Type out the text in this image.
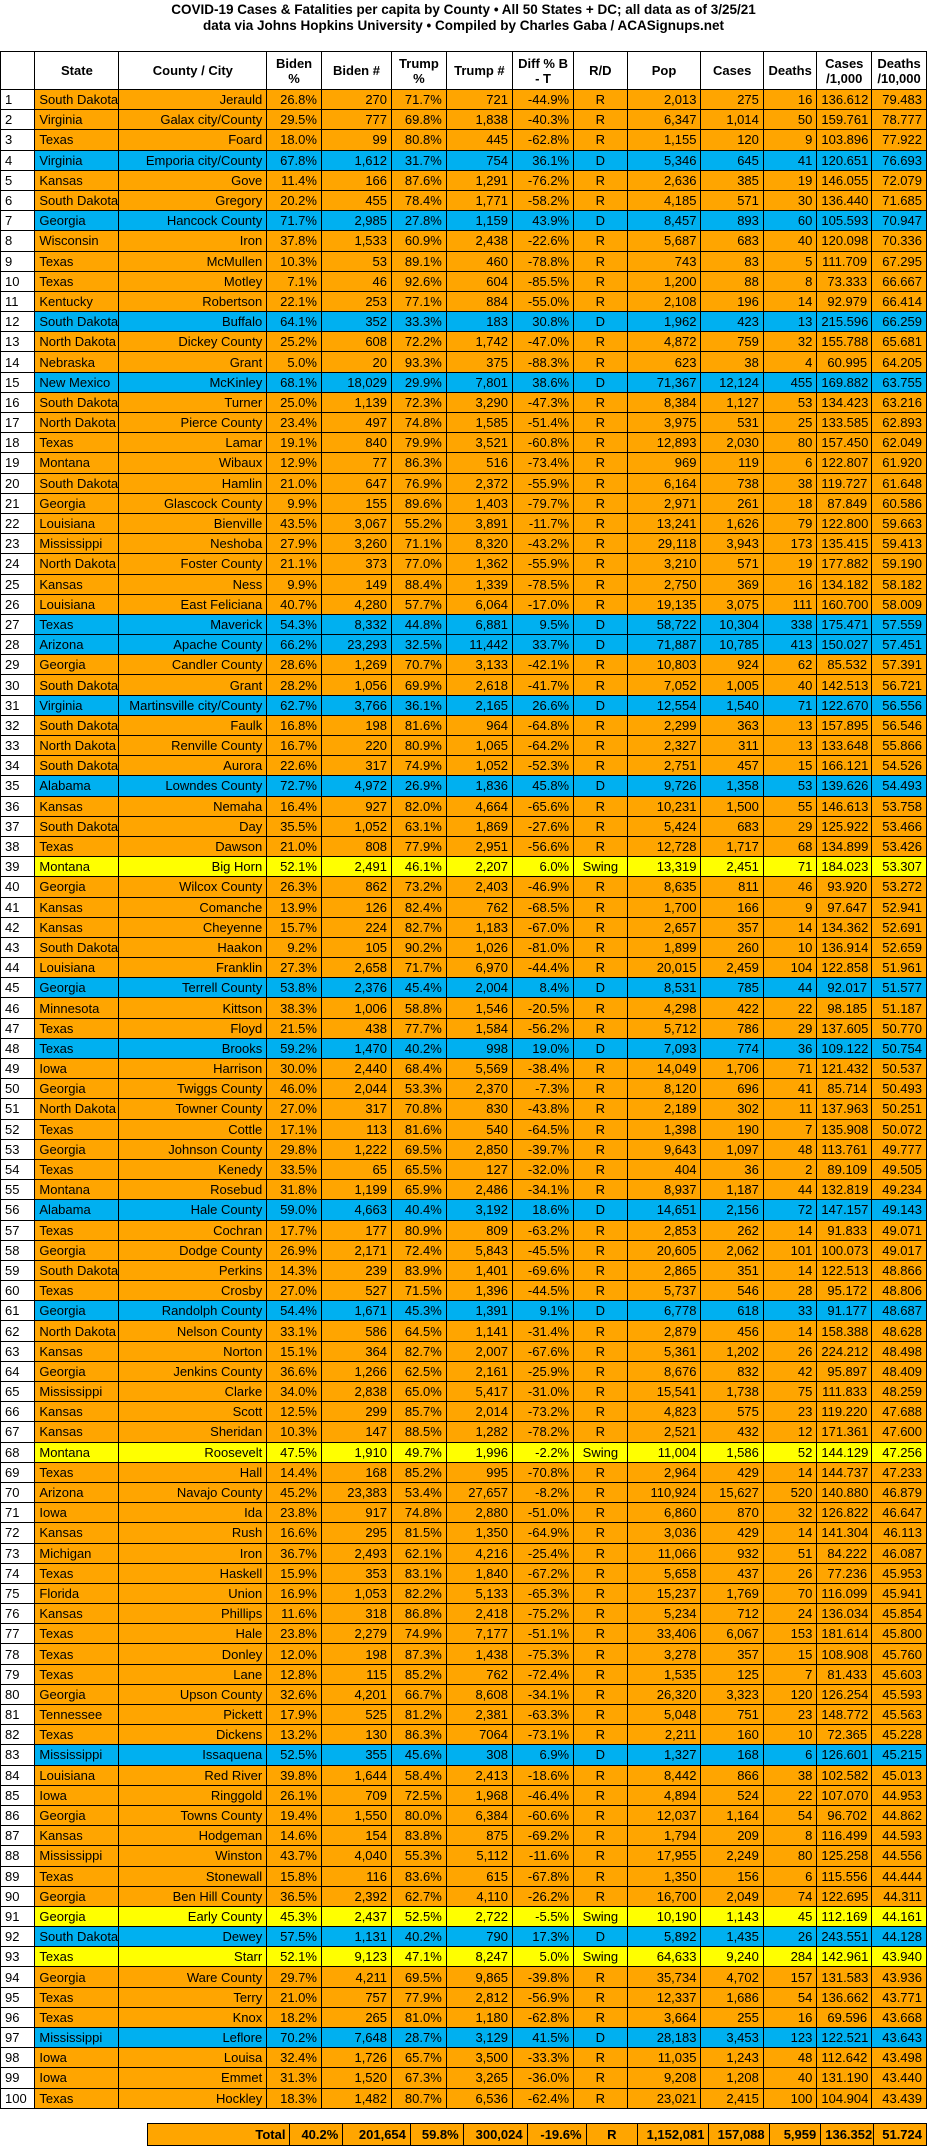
COVID-19 Cases & Fatalities per capita by County • All 50 States + DC; all data as of 3/25/21
data via Johns Hopkins University • Compiled by Charles Gaba / ACASignups.net
	State	County / City	Biden %	Biden #	Trump %	Trump #	Diff % B - T	R/D	Pop	Cases	Deaths	Cases /1,000	Deaths /10,000
1	South Dakota	Jerauld	26.8%	270	71.7%	721	-44.9%	R	2,013	275	16	136.612	79.483
2	Virginia	Galax city/County	29.5%	777	69.8%	1,838	-40.3%	R	6,347	1,014	50	159.761	78.777
3	Texas	Foard	18.0%	99	80.8%	445	-62.8%	R	1,155	120	9	103.896	77.922
4	Virginia	Emporia city/County	67.8%	1,612	31.7%	754	36.1%	D	5,346	645	41	120.651	76.693
5	Kansas	Gove	11.4%	166	87.6%	1,291	-76.2%	R	2,636	385	19	146.055	72.079
6	South Dakota	Gregory	20.2%	455	78.4%	1,771	-58.2%	R	4,185	571	30	136.440	71.685
7	Georgia	Hancock County	71.7%	2,985	27.8%	1,159	43.9%	D	8,457	893	60	105.593	70.947
8	Wisconsin	Iron	37.8%	1,533	60.9%	2,438	-22.6%	R	5,687	683	40	120.098	70.336
9	Texas	McMullen	10.3%	53	89.1%	460	-78.8%	R	743	83	5	111.709	67.295
10	Texas	Motley	7.1%	46	92.6%	604	-85.5%	R	1,200	88	8	73.333	66.667
11	Kentucky	Robertson	22.1%	253	77.1%	884	-55.0%	R	2,108	196	14	92.979	66.414
12	South Dakota	Buffalo	64.1%	352	33.3%	183	30.8%	D	1,962	423	13	215.596	66.259
13	North Dakota	Dickey County	25.2%	608	72.2%	1,742	-47.0%	R	4,872	759	32	155.788	65.681
14	Nebraska	Grant	5.0%	20	93.3%	375	-88.3%	R	623	38	4	60.995	64.205
15	New Mexico	McKinley	68.1%	18,029	29.9%	7,801	38.6%	D	71,367	12,124	455	169.882	63.755
16	South Dakota	Turner	25.0%	1,139	72.3%	3,290	-47.3%	R	8,384	1,127	53	134.423	63.216
17	North Dakota	Pierce County	23.4%	497	74.8%	1,585	-51.4%	R	3,975	531	25	133.585	62.893
18	Texas	Lamar	19.1%	840	79.9%	3,521	-60.8%	R	12,893	2,030	80	157.450	62.049
19	Montana	Wibaux	12.9%	77	86.3%	516	-73.4%	R	969	119	6	122.807	61.920
20	South Dakota	Hamlin	21.0%	647	76.9%	2,372	-55.9%	R	6,164	738	38	119.727	61.648
21	Georgia	Glascock County	9.9%	155	89.6%	1,403	-79.7%	R	2,971	261	18	87.849	60.586
22	Louisiana	Bienville	43.5%	3,067	55.2%	3,891	-11.7%	R	13,241	1,626	79	122.800	59.663
23	Mississippi	Neshoba	27.9%	3,260	71.1%	8,320	-43.2%	R	29,118	3,943	173	135.415	59.413
24	North Dakota	Foster County	21.1%	373	77.0%	1,362	-55.9%	R	3,210	571	19	177.882	59.190
25	Kansas	Ness	9.9%	149	88.4%	1,339	-78.5%	R	2,750	369	16	134.182	58.182
26	Louisiana	East Feliciana	40.7%	4,280	57.7%	6,064	-17.0%	R	19,135	3,075	111	160.700	58.009
27	Texas	Maverick	54.3%	8,332	44.8%	6,881	9.5%	D	58,722	10,304	338	175.471	57.559
28	Arizona	Apache County	66.2%	23,293	32.5%	11,442	33.7%	D	71,887	10,785	413	150.027	57.451
29	Georgia	Candler County	28.6%	1,269	70.7%	3,133	-42.1%	R	10,803	924	62	85.532	57.391
30	South Dakota	Grant	28.2%	1,056	69.9%	2,618	-41.7%	R	7,052	1,005	40	142.513	56.721
31	Virginia	Martinsville city/County	62.7%	3,766	36.1%	2,165	26.6%	D	12,554	1,540	71	122.670	56.556
32	South Dakota	Faulk	16.8%	198	81.6%	964	-64.8%	R	2,299	363	13	157.895	56.546
33	North Dakota	Renville County	16.7%	220	80.9%	1,065	-64.2%	R	2,327	311	13	133.648	55.866
34	South Dakota	Aurora	22.6%	317	74.9%	1,052	-52.3%	R	2,751	457	15	166.121	54.526
35	Alabama	Lowndes County	72.7%	4,972	26.9%	1,836	45.8%	D	9,726	1,358	53	139.626	54.493
36	Kansas	Nemaha	16.4%	927	82.0%	4,664	-65.6%	R	10,231	1,500	55	146.613	53.758
37	South Dakota	Day	35.5%	1,052	63.1%	1,869	-27.6%	R	5,424	683	29	125.922	53.466
38	Texas	Dawson	21.0%	808	77.9%	2,951	-56.6%	R	12,728	1,717	68	134.899	53.426
39	Montana	Big Horn	52.1%	2,491	46.1%	2,207	6.0%	Swing	13,319	2,451	71	184.023	53.307
40	Georgia	Wilcox County	26.3%	862	73.2%	2,403	-46.9%	R	8,635	811	46	93.920	53.272
41	Kansas	Comanche	13.9%	126	82.4%	762	-68.5%	R	1,700	166	9	97.647	52.941
42	Kansas	Cheyenne	15.7%	224	82.7%	1,183	-67.0%	R	2,657	357	14	134.362	52.691
43	South Dakota	Haakon	9.2%	105	90.2%	1,026	-81.0%	R	1,899	260	10	136.914	52.659
44	Louisiana	Franklin	27.3%	2,658	71.7%	6,970	-44.4%	R	20,015	2,459	104	122.858	51.961
45	Georgia	Terrell County	53.8%	2,376	45.4%	2,004	8.4%	D	8,531	785	44	92.017	51.577
46	Minnesota	Kittson	38.3%	1,006	58.8%	1,546	-20.5%	R	4,298	422	22	98.185	51.187
47	Texas	Floyd	21.5%	438	77.7%	1,584	-56.2%	R	5,712	786	29	137.605	50.770
48	Texas	Brooks	59.2%	1,470	40.2%	998	19.0%	D	7,093	774	36	109.122	50.754
49	Iowa	Harrison	30.0%	2,440	68.4%	5,569	-38.4%	R	14,049	1,706	71	121.432	50.537
50	Georgia	Twiggs County	46.0%	2,044	53.3%	2,370	-7.3%	R	8,120	696	41	85.714	50.493
51	North Dakota	Towner County	27.0%	317	70.8%	830	-43.8%	R	2,189	302	11	137.963	50.251
52	Texas	Cottle	17.1%	113	81.6%	540	-64.5%	R	1,398	190	7	135.908	50.072
53	Georgia	Johnson County	29.8%	1,222	69.5%	2,850	-39.7%	R	9,643	1,097	48	113.761	49.777
54	Texas	Kenedy	33.5%	65	65.5%	127	-32.0%	R	404	36	2	89.109	49.505
55	Montana	Rosebud	31.8%	1,199	65.9%	2,486	-34.1%	R	8,937	1,187	44	132.819	49.234
56	Alabama	Hale County	59.0%	4,663	40.4%	3,192	18.6%	D	14,651	2,156	72	147.157	49.143
57	Texas	Cochran	17.7%	177	80.9%	809	-63.2%	R	2,853	262	14	91.833	49.071
58	Georgia	Dodge County	26.9%	2,171	72.4%	5,843	-45.5%	R	20,605	2,062	101	100.073	49.017
59	South Dakota	Perkins	14.3%	239	83.9%	1,401	-69.6%	R	2,865	351	14	122.513	48.866
60	Texas	Crosby	27.0%	527	71.5%	1,396	-44.5%	R	5,737	546	28	95.172	48.806
61	Georgia	Randolph County	54.4%	1,671	45.3%	1,391	9.1%	D	6,778	618	33	91.177	48.687
62	North Dakota	Nelson County	33.1%	586	64.5%	1,141	-31.4%	R	2,879	456	14	158.388	48.628
63	Kansas	Norton	15.1%	364	82.7%	2,007	-67.6%	R	5,361	1,202	26	224.212	48.498
64	Georgia	Jenkins County	36.6%	1,266	62.5%	2,161	-25.9%	R	8,676	832	42	95.897	48.409
65	Mississippi	Clarke	34.0%	2,838	65.0%	5,417	-31.0%	R	15,541	1,738	75	111.833	48.259
66	Kansas	Scott	12.5%	299	85.7%	2,014	-73.2%	R	4,823	575	23	119.220	47.688
67	Kansas	Sheridan	10.3%	147	88.5%	1,282	-78.2%	R	2,521	432	12	171.361	47.600
68	Montana	Roosevelt	47.5%	1,910	49.7%	1,996	-2.2%	Swing	11,004	1,586	52	144.129	47.256
69	Texas	Hall	14.4%	168	85.2%	995	-70.8%	R	2,964	429	14	144.737	47.233
70	Arizona	Navajo County	45.2%	23,383	53.4%	27,657	-8.2%	R	110,924	15,627	520	140.880	46.879
71	Iowa	Ida	23.8%	917	74.8%	2,880	-51.0%	R	6,860	870	32	126.822	46.647
72	Kansas	Rush	16.6%	295	81.5%	1,350	-64.9%	R	3,036	429	14	141.304	46.113
73	Michigan	Iron	36.7%	2,493	62.1%	4,216	-25.4%	R	11,066	932	51	84.222	46.087
74	Texas	Haskell	15.9%	353	83.1%	1,840	-67.2%	R	5,658	437	26	77.236	45.953
75	Florida	Union	16.9%	1,053	82.2%	5,133	-65.3%	R	15,237	1,769	70	116.099	45.941
76	Kansas	Phillips	11.6%	318	86.8%	2,418	-75.2%	R	5,234	712	24	136.034	45.854
77	Texas	Hale	23.8%	2,279	74.9%	7,177	-51.1%	R	33,406	6,067	153	181.614	45.800
78	Texas	Donley	12.0%	198	87.3%	1,438	-75.3%	R	3,278	357	15	108.908	45.760
79	Texas	Lane	12.8%	115	85.2%	762	-72.4%	R	1,535	125	7	81.433	45.603
80	Georgia	Upson County	32.6%	4,201	66.7%	8,608	-34.1%	R	26,320	3,323	120	126.254	45.593
81	Tennessee	Pickett	17.9%	525	81.2%	2,381	-63.3%	R	5,048	751	23	148.772	45.563
82	Texas	Dickens	13.2%	130	86.3%	7064	-73.1%	R	2,211	160	10	72.365	45.228
83	Mississippi	Issaquena	52.5%	355	45.6%	308	6.9%	D	1,327	168	6	126.601	45.215
84	Louisiana	Red River	39.8%	1,644	58.4%	2,413	-18.6%	R	8,442	866	38	102.582	45.013
85	Iowa	Ringgold	26.1%	709	72.5%	1,968	-46.4%	R	4,894	524	22	107.070	44.953
86	Georgia	Towns County	19.4%	1,550	80.0%	6,384	-60.6%	R	12,037	1,164	54	96.702	44.862
87	Kansas	Hodgeman	14.6%	154	83.8%	875	-69.2%	R	1,794	209	8	116.499	44.593
88	Mississippi	Winston	43.7%	4,040	55.3%	5,112	-11.6%	R	17,955	2,249	80	125.258	44.556
89	Texas	Stonewall	15.8%	116	83.6%	615	-67.8%	R	1,350	156	6	115.556	44.444
90	Georgia	Ben Hill County	36.5%	2,392	62.7%	4,110	-26.2%	R	16,700	2,049	74	122.695	44.311
91	Georgia	Early County	45.3%	2,437	52.5%	2,722	-5.5%	Swing	10,190	1,143	45	112.169	44.161
92	South Dakota	Dewey	57.5%	1,131	40.2%	790	17.3%	D	5,892	1,435	26	243.551	44.128
93	Texas	Starr	52.1%	9,123	47.1%	8,247	5.0%	Swing	64,633	9,240	284	142.961	43.940
94	Georgia	Ware County	29.7%	4,211	69.5%	9,865	-39.8%	R	35,734	4,702	157	131.583	43.936
95	Texas	Terry	21.0%	757	77.9%	2,812	-56.9%	R	12,337	1,686	54	136.662	43.771
96	Texas	Knox	18.2%	265	81.0%	1,180	-62.8%	R	3,664	255	16	69.596	43.668
97	Mississippi	Leflore	70.2%	7,648	28.7%	3,129	41.5%	D	28,183	3,453	123	122.521	43.643
98	Iowa	Louisa	32.4%	1,726	65.7%	3,500	-33.3%	R	11,035	1,243	48	112.642	43.498
99	Iowa	Emmet	31.3%	1,520	67.3%	3,265	-36.0%	R	9,208	1,208	40	131.190	43.440
100	Texas	Hockley	18.3%	1,482	80.7%	6,536	-62.4%	R	23,021	2,415	100	104.904	43.439
	Total	40.2%	201,654	59.8%	300,024	-19.6%	R	1,152,081	157,088	5,959	136.352	51.724
